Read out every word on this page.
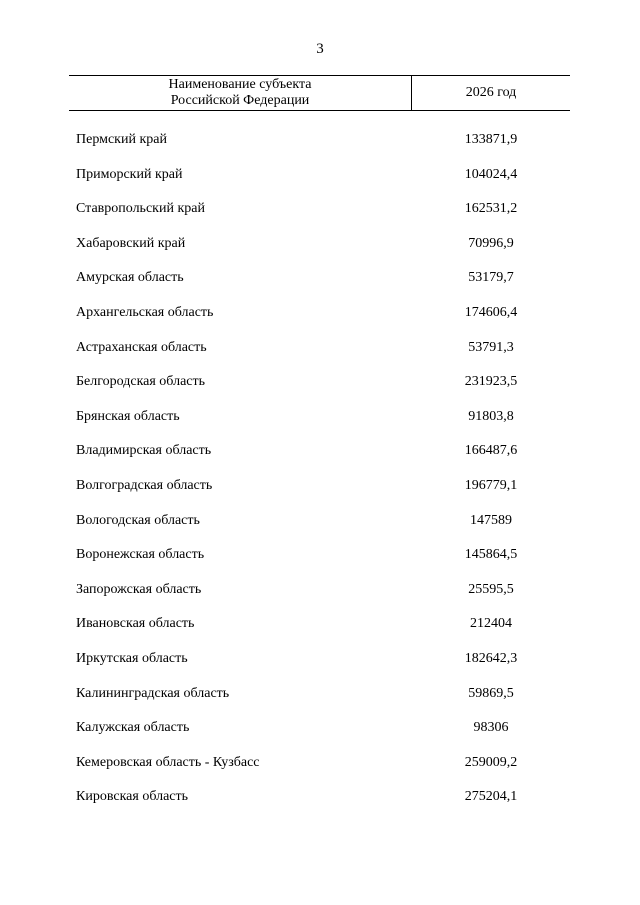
3
Наименование субъекта
Российской Федерации
2026 год
Пермский край	133871,9
Приморский край	104024,4
Ставропольский край	162531,2
Хабаровский край	70996,9
Амурская область	53179,7
Архангельская область	174606,4
Астраханская область	53791,3
Белгородская область	231923,5
Брянская область	91803,8
Владимирская область	166487,6
Волгоградская область	196779,1
Вологодская область	147589
Воронежская область	145864,5
Запорожская область	25595,5
Ивановская область	212404
Иркутская область	182642,3
Калининградская область	59869,5
Калужская область	98306
Кемеровская область - Кузбасс	259009,2
Кировская область	275204,1
